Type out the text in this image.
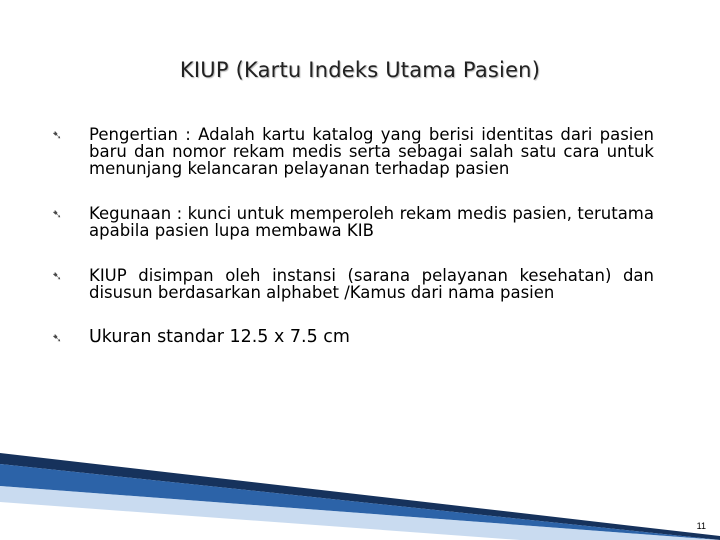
KIUP (Kartu Indeks Utama Pasien)
➷ Pengertian : Adalah kartu katalog yang berisi identitas dari pasien baru dan nomor rekam medis serta sebagai salah satu cara untuk menunjang kelancaran pelayanan terhadap pasien
➷ Kegunaan : kunci untuk memperoleh rekam medis pasien, terutama apabila pasien lupa membawa KIB
➷ KIUP disimpan oleh instansi (sarana pelayanan kesehatan) dan disusun berdasarkan alphabet /Kamus dari nama pasien
➷ Ukuran standar 12.5 x 7.5 cm
11
